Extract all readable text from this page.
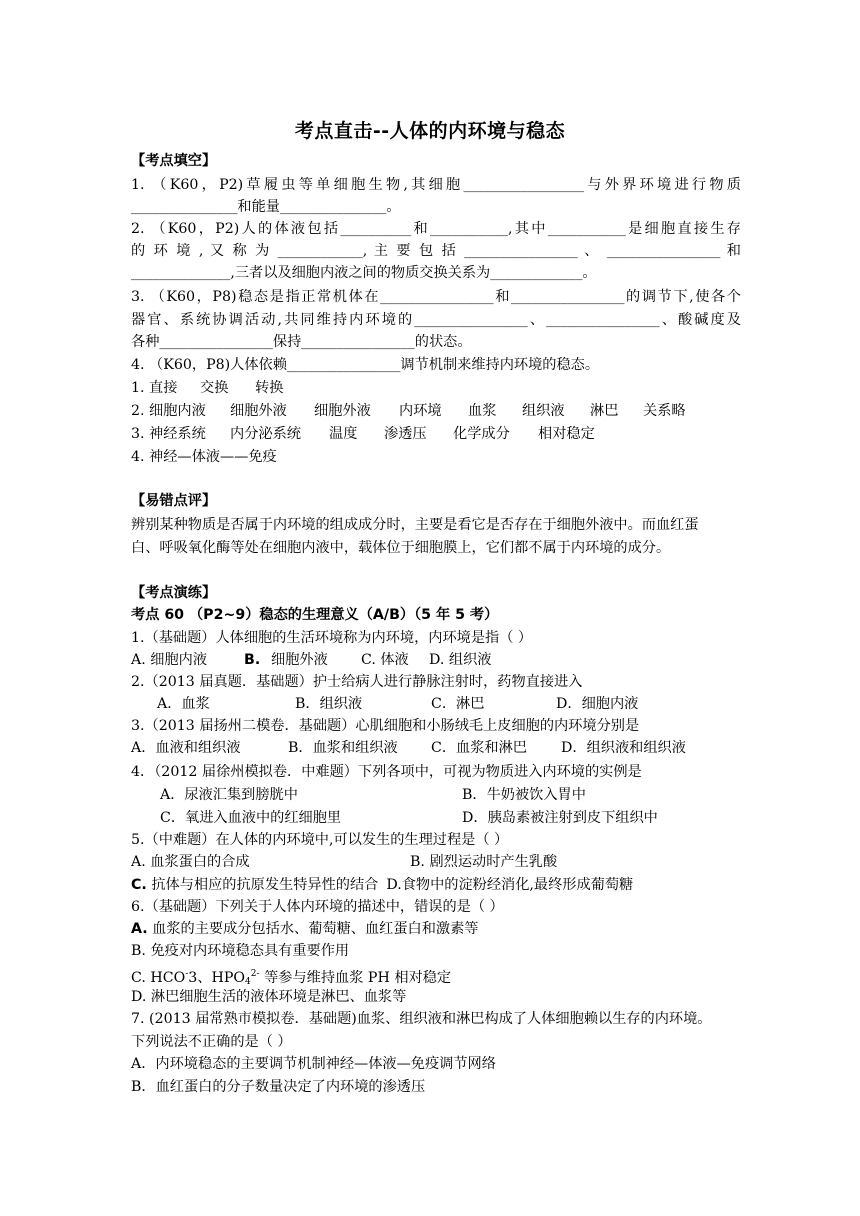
考点直击--人体的内环境与稳态
【考点填空】
1. （K60，P2)草履虫等单细胞生物,其细胞_________________与外界环境进行物质
_______________和能量_______________。
2. （K60，P2)人的体液包括__________和___________,其中___________是细胞直接生存
的 环 境 , 又 称 为 ____________, 主 要 包 括 ________________ 、 ________________ 和
______________,三者以及细胞内液之间的物质交换关系为_____________。
3. （K60，P8)稳态是指正常机体在________________和________________的调节下,使各个
器官、系统协调活动,共同维持内环境的________________、________________、酸碱度及
各种________________保持________________的状态。
4. （K60，P8)人体依赖________________调节机制来维持内环境的稳态。
1. 直接 交换 转换
2. 细胞内液 细胞外液 细胞外液 内环境 血浆 组织液 淋巴 关系略
3. 神经系统 内分泌系统 温度 渗透压 化学成分 相对稳定
4. 神经—体液——免疫
【易错点评】
辨别某种物质是否属于内环境的组成成分时，主要是看它是否存在于细胞外液中。而血红蛋
白、呼吸氧化酶等处在细胞内液中，载体位于细胞膜上，它们都不属于内环境的成分。
【考点演练】
考点 60 （P2~9）稳态的生理意义（A/B）（5 年 5 考）
1.（基础题）人体细胞的生活环境称为内环境，内环境是指（ ）
A. 细胞内液	B. 细胞外液 C. 体液 D. 组织液
2.（2013 届真题．基础题）护士给病人进行静脉注射时，药物直接进入
A．血浆	B．组织液	C．淋巴	D．细胞内液
3.（2013 届扬州二模卷．基础题）心肌细胞和小肠绒毛上皮细胞的内环境分别是
A．血液和组织液	B．血浆和组织液 C．血浆和淋巴 D．组织液和组织液
4．（2012 届徐州模拟卷．中难题）下列各项中，可视为物质进入内环境的实例是
A．尿液汇集到膀胱中	B．牛奶被饮入胃中
C．氧进入血液中的红细胞里	D．胰岛素被注射到皮下组织中
5.（中难题）在人体的内环境中,可以发生的生理过程是（ ）
A. 血浆蛋白的合成	B. 剧烈运动时产生乳酸
C. 抗体与相应的抗原发生特异性的结合 D.食物中的淀粉经消化,最终形成葡萄糖
6.（基础题）下列关于人体内环境的描述中，错误的是（ ）
A. 血浆的主要成分包括水、葡萄糖、血红蛋白和激素等
B. 免疫对内环境稳态具有重要作用
C. HCO-3、$HPO_4^{2-}$ 等参与维持血浆 PH 相对稳定
D. 淋巴细胞生活的液体环境是淋巴、血浆等
7. (2013 届常熟市模拟卷．基础题)血浆、组织液和淋巴构成了人体细胞赖以生存的内环境。
下列说法不正确的是（ ）
A．内环境稳态的主要调节机制神经—体液—免疫调节网络
B．血红蛋白的分子数量决定了内环境的渗透压
